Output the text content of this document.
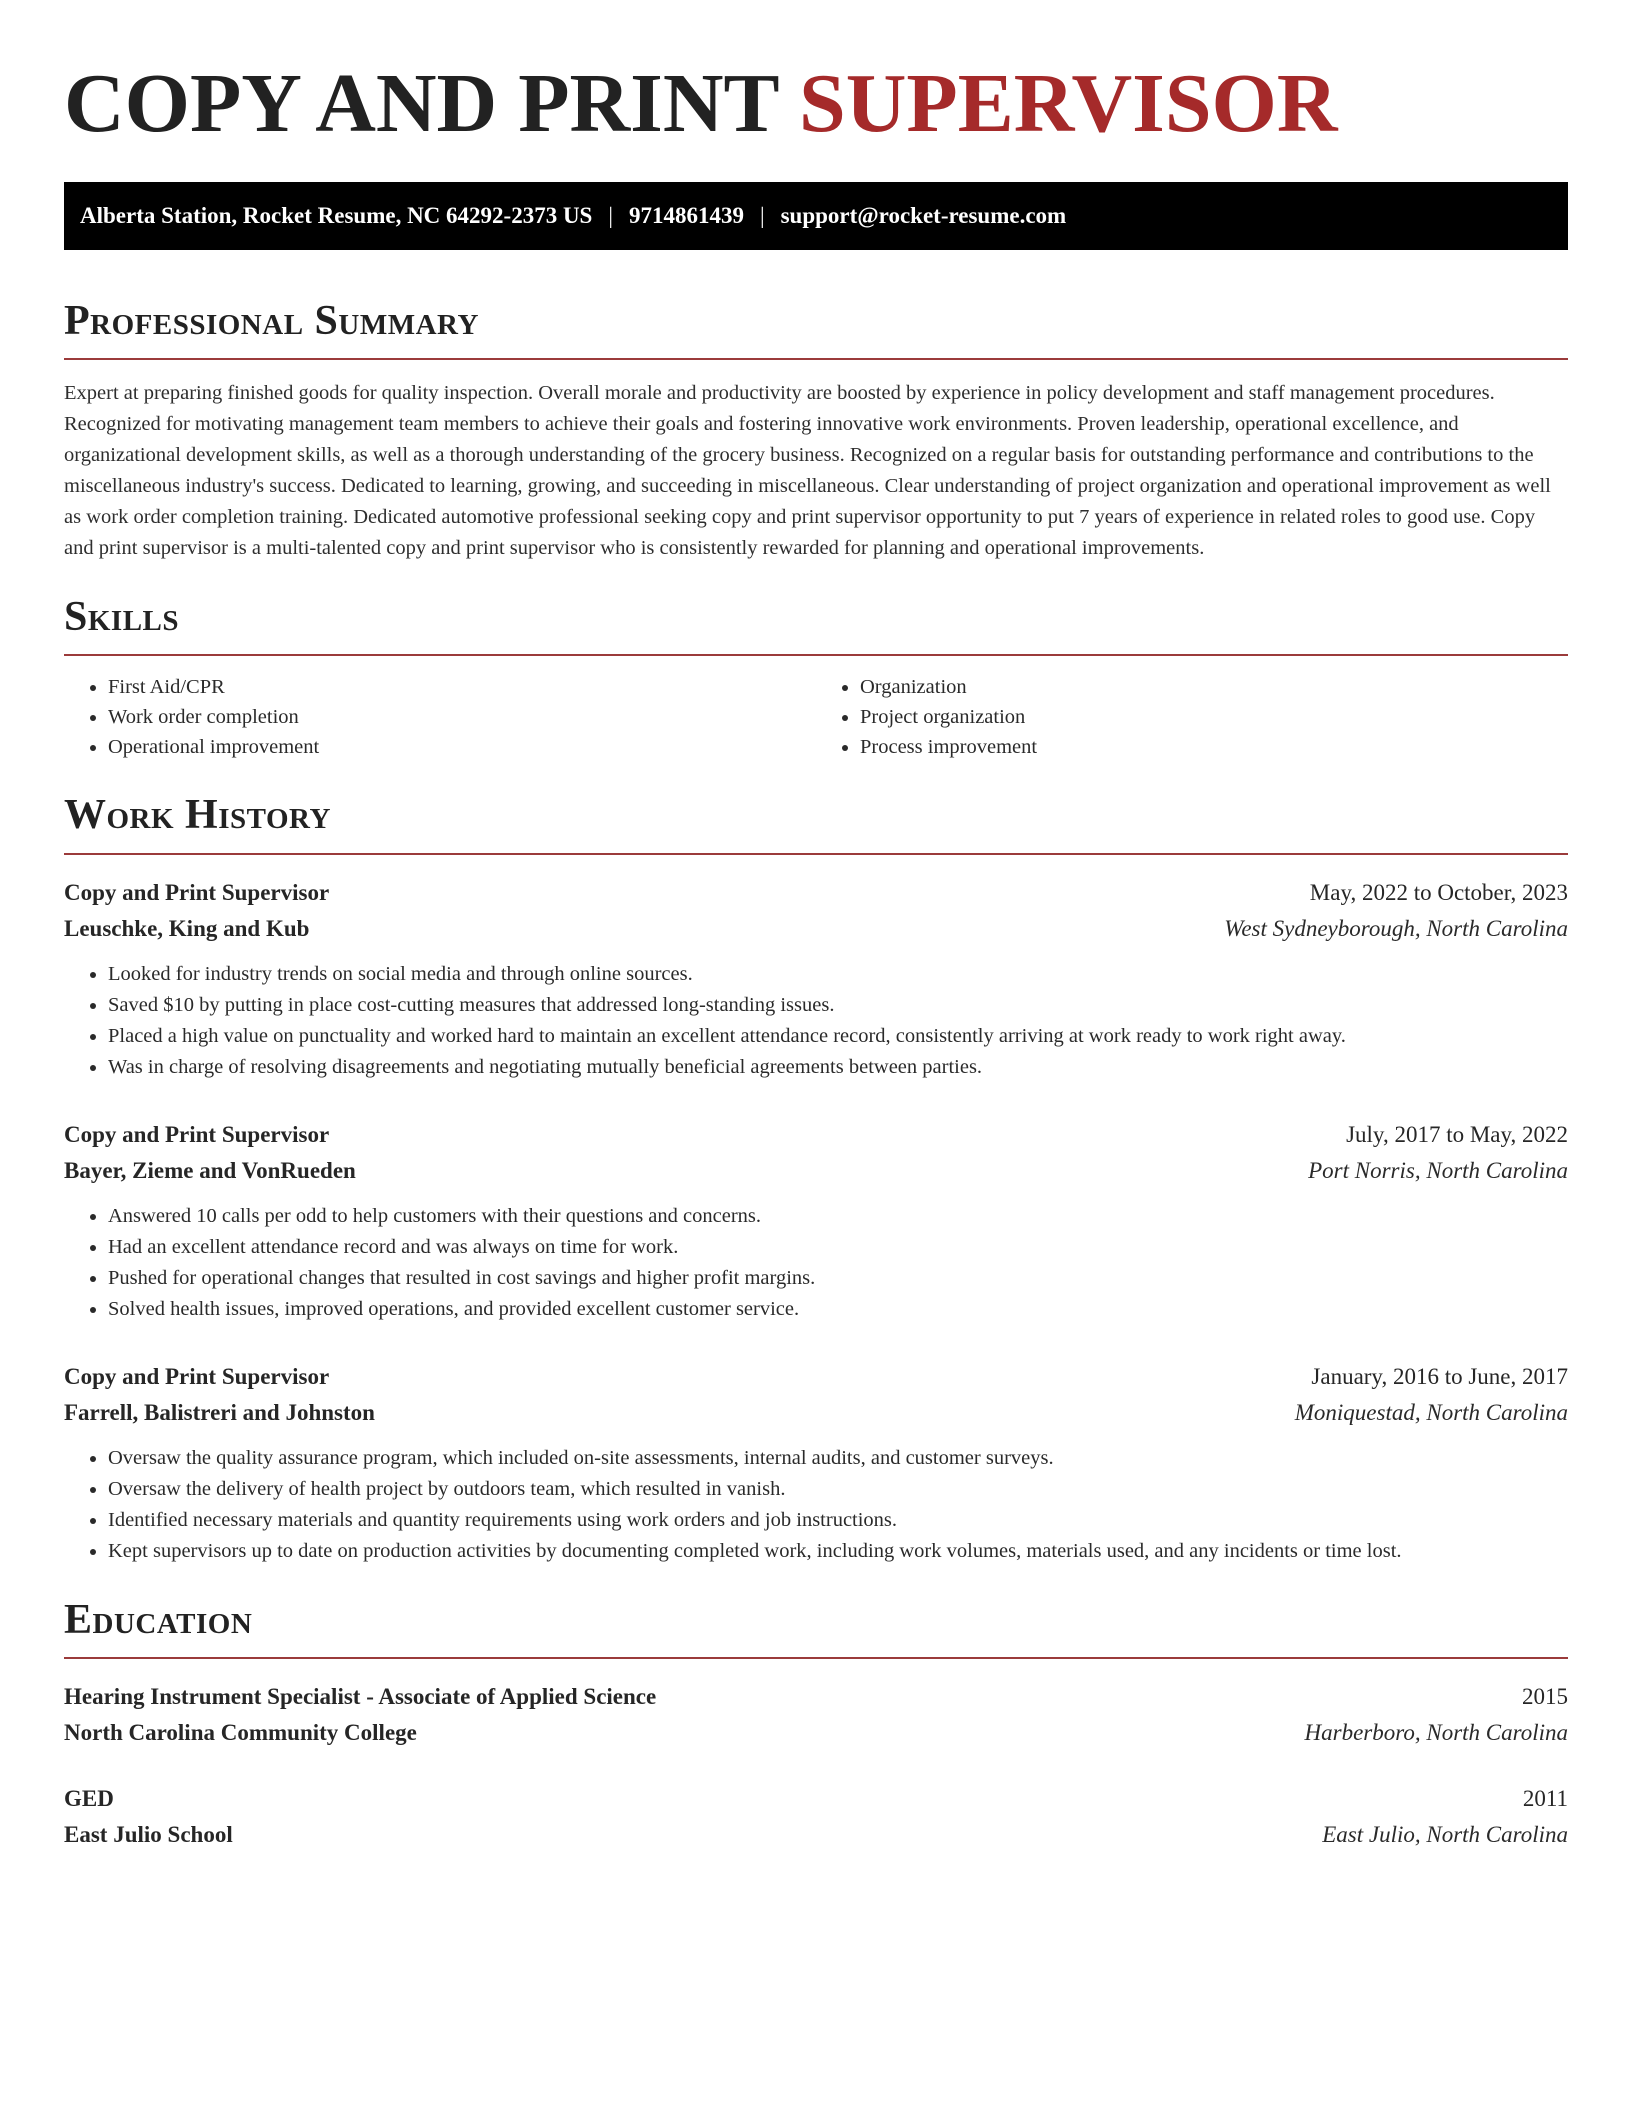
COPY AND PRINT SUPERVISOR
Alberta Station, Rocket Resume, NC 64292-2373 US | 9714861439 | support@rocket-resume.com
Professional Summary

Expert at preparing finished goods for quality inspection. Overall morale and productivity are boosted by experience in policy development and staff management procedures. Recognized for motivating management team members to achieve their goals and fostering innovative work environments. Proven leadership, operational excellence, and organizational development skills, as well as a thorough understanding of the grocery business. Recognized on a regular basis for outstanding performance and contributions to the miscellaneous industry's success. Dedicated to learning, growing, and succeeding in miscellaneous. Clear understanding of project organization and operational improvement as well as work order completion training. Dedicated automotive professional seeking copy and print supervisor opportunity to put 7 years of experience in related roles to good use. Copy and print supervisor is a multi-talented copy and print supervisor who is consistently rewarded for planning and operational improvements.

Skills
• First Aid/CPR
• Work order completion
• Operational improvement
• Organization
• Project organization
• Process improvement
Work History
Copy and Print Supervisor	May, 2022 to October, 2023
Leuschke, King and Kub	West Sydneyborough, North Carolina
• Looked for industry trends on social media and through online sources.
• Saved $10 by putting in place cost-cutting measures that addressed long-standing issues.
• Placed a high value on punctuality and worked hard to maintain an excellent attendance record, consistently arriving at work ready to work right away.
• Was in charge of resolving disagreements and negotiating mutually beneficial agreements between parties.
Copy and Print Supervisor	July, 2017 to May, 2022
Bayer, Zieme and VonRueden	Port Norris, North Carolina
• Answered 10 calls per odd to help customers with their questions and concerns.
• Had an excellent attendance record and was always on time for work.
• Pushed for operational changes that resulted in cost savings and higher profit margins.
• Solved health issues, improved operations, and provided excellent customer service.
Copy and Print Supervisor	January, 2016 to June, 2017
Farrell, Balistreri and Johnston	Moniquestad, North Carolina
• Oversaw the quality assurance program, which included on-site assessments, internal audits, and customer surveys.
• Oversaw the delivery of health project by outdoors team, which resulted in vanish.
• Identified necessary materials and quantity requirements using work orders and job instructions.
• Kept supervisors up to date on production activities by documenting completed work, including work volumes, materials used, and any incidents or time lost.
Education
Hearing Instrument Specialist - Associate of Applied Science	2015
North Carolina Community College	Harberboro, North Carolina
GED	2011
East Julio School	East Julio, North Carolina
